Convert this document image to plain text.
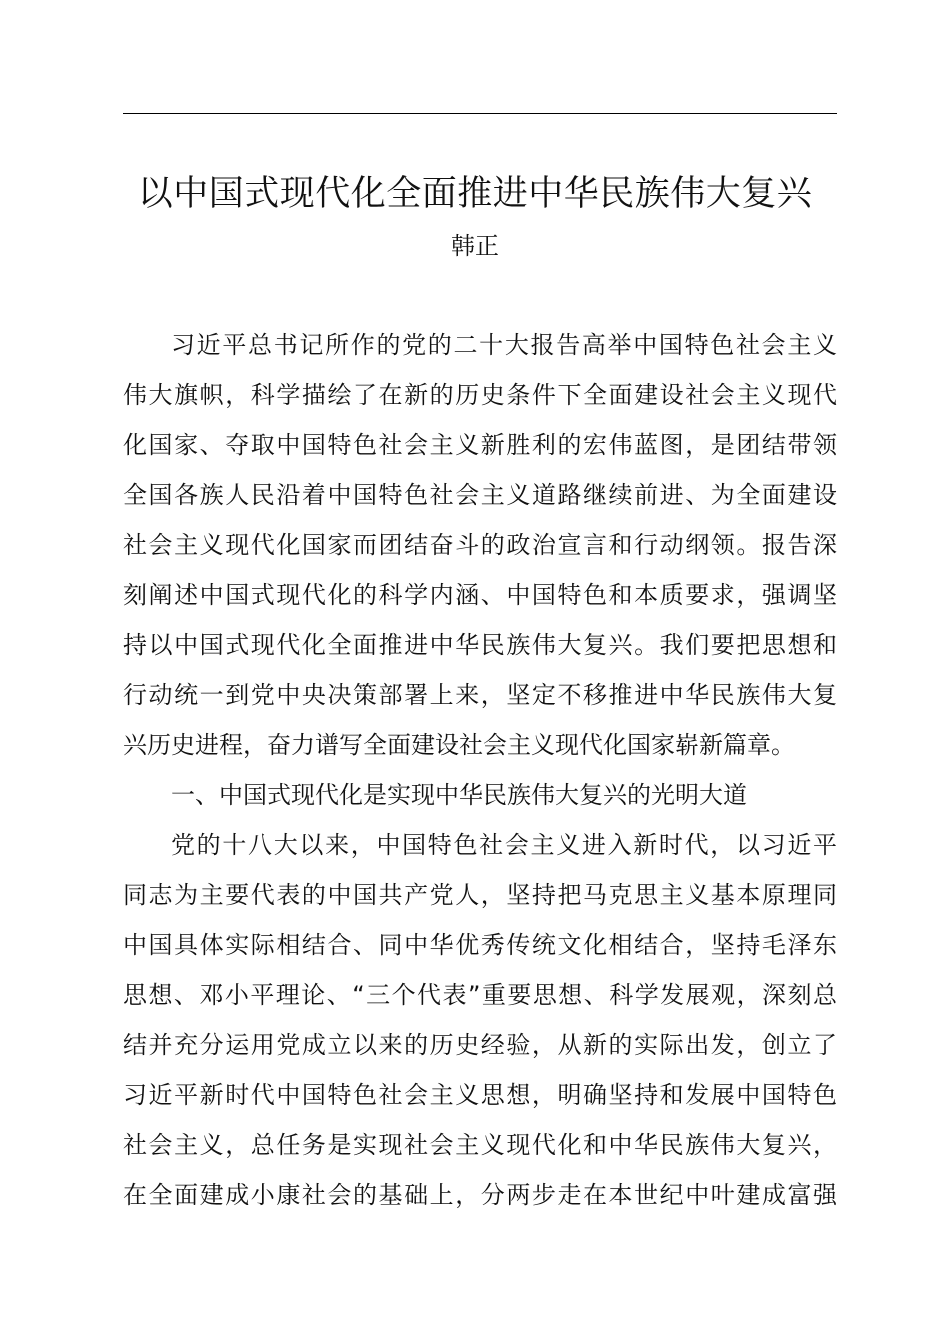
以中国式现代化全面推进中华民族伟大复兴
韩正
习近平总书记所作的党的二十大报告高举中国特色社会主义
伟大旗帜，科学描绘了在新的历史条件下全面建设社会主义现代
化国家、夺取中国特色社会主义新胜利的宏伟蓝图，是团结带领
全国各族人民沿着中国特色社会主义道路继续前进、为全面建设
社会主义现代化国家而团结奋斗的政治宣言和行动纲领。报告深
刻阐述中国式现代化的科学内涵、中国特色和本质要求，强调坚
持以中国式现代化全面推进中华民族伟大复兴。我们要把思想和
行动统一到党中央决策部署上来，坚定不移推进中华民族伟大复
兴历史进程，奋力谱写全面建设社会主义现代化国家崭新篇章。
一、中国式现代化是实现中华民族伟大复兴的光明大道
党的十八大以来，中国特色社会主义进入新时代，以习近平
同志为主要代表的中国共产党人，坚持把马克思主义基本原理同
中国具体实际相结合、同中华优秀传统文化相结合，坚持毛泽东
思想、邓小平理论、“三个代表”重要思想、科学发展观，深刻总
结并充分运用党成立以来的历史经验，从新的实际出发，创立了
习近平新时代中国特色社会主义思想，明确坚持和发展中国特色
社会主义，总任务是实现社会主义现代化和中华民族伟大复兴，
在全面建成小康社会的基础上，分两步走在本世纪中叶建成富强
